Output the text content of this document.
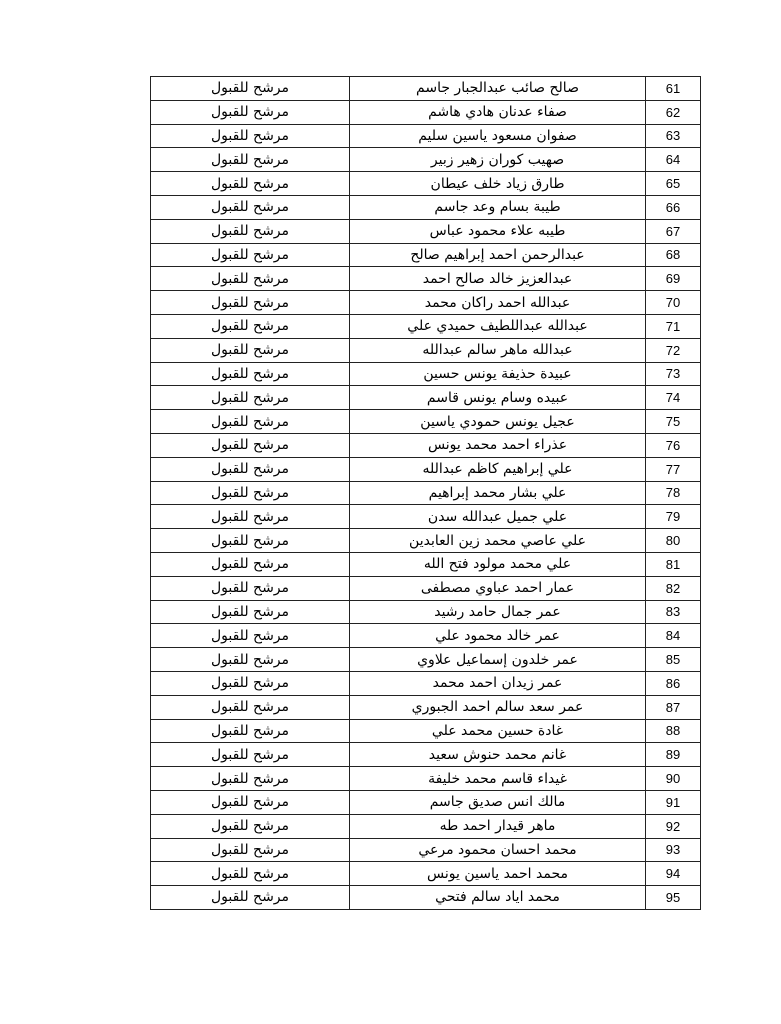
61	صالح صائب عبدالجبار جاسم	مرشح للقبول
62	صفاء عدنان هادي هاشم	مرشح للقبول
63	صفوان مسعود ياسين سليم	مرشح للقبول
64	صهيب كوران زهير زبير	مرشح للقبول
65	طارق زياد خلف عيطان	مرشح للقبول
66	طيبة بسام وعد جاسم	مرشح للقبول
67	طيبه علاء محمود عباس	مرشح للقبول
68	عبدالرحمن احمد إبراهيم صالح	مرشح للقبول
69	عبدالعزيز خالد صالح احمد	مرشح للقبول
70	عبدالله احمد راكان محمد	مرشح للقبول
71	عبدالله عبداللطيف حميدي علي	مرشح للقبول
72	عبدالله ماهر سالم عبدالله	مرشح للقبول
73	عبيدة حذيفة يونس حسين	مرشح للقبول
74	عبيده وسام يونس قاسم	مرشح للقبول
75	عجيل يونس حمودي ياسين	مرشح للقبول
76	عذراء احمد محمد يونس	مرشح للقبول
77	علي إبراهيم كاظم عبدالله	مرشح للقبول
78	علي بشار محمد إبراهيم	مرشح للقبول
79	علي جميل عبدالله سدن	مرشح للقبول
80	علي عاصي محمد زين العابدين	مرشح للقبول
81	علي محمد مولود فتح الله	مرشح للقبول
82	عمار احمد عباوي مصطفى	مرشح للقبول
83	عمر جمال حامد رشيد	مرشح للقبول
84	عمر خالد محمود علي	مرشح للقبول
85	عمر خلدون إسماعيل علاوي	مرشح للقبول
86	عمر زيدان احمد محمد	مرشح للقبول
87	عمر سعد سالم احمد الجبوري	مرشح للقبول
88	غادة حسين محمد علي	مرشح للقبول
89	غانم محمد حنوش سعيد	مرشح للقبول
90	غيداء قاسم محمد خليفة	مرشح للقبول
91	مالك انس صديق جاسم	مرشح للقبول
92	ماهر قيدار احمد طه	مرشح للقبول
93	محمد احسان محمود مرعي	مرشح للقبول
94	محمد احمد ياسين يونس	مرشح للقبول
95	محمد اياد سالم فتحي	مرشح للقبول
